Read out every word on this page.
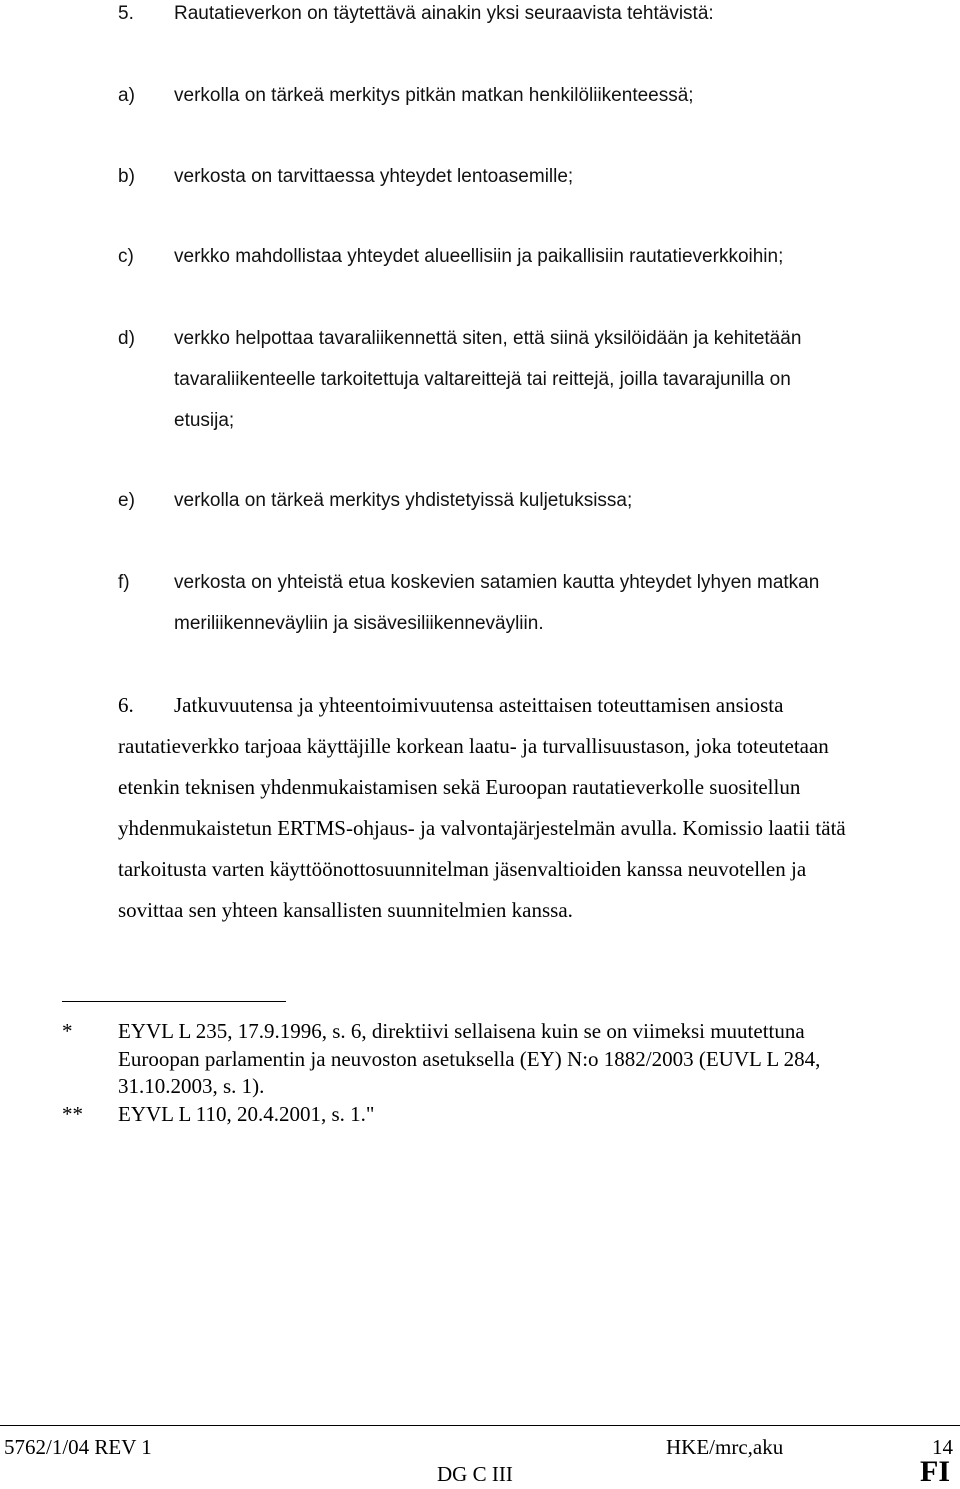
5. Rautatieverkon on täytettävä ainakin yksi seuraavista tehtävistä:
a) verkolla on tärkeä merkitys pitkän matkan henkilöliikenteessä;
b) verkosta on tarvittaessa yhteydet lentoasemille;
c) verkko mahdollistaa yhteydet alueellisiin ja paikallisiin rautatieverkkoihin;
d) verkko helpottaa tavaraliikennettä siten, että siinä yksilöidään ja kehitetään
tavaraliikenteelle tarkoitettuja valtareittejä tai reittejä, joilla tavarajunilla on
etusija;
e) verkolla on tärkeä merkitys yhdistetyissä kuljetuksissa;
f) verkosta on yhteistä etua koskevien satamien kautta yhteydet lyhyen matkan
meriliikenneväyliin ja sisävesiliikenneväyliin.
6. Jatkuvuutensa ja yhteentoimivuutensa asteittaisen toteuttamisen ansiosta
rautatieverkko tarjoaa käyttäjille korkean laatu- ja turvallisuustason, joka toteutetaan
etenkin teknisen yhdenmukaistamisen sekä Euroopan rautatieverkolle suositellun
yhdenmukaistetun ERTMS-ohjaus- ja valvontajärjestelmän avulla. Komissio laatii tätä
tarkoitusta varten käyttöönottosuunnitelman jäsenvaltioiden kanssa neuvotellen ja
sovittaa sen yhteen kansallisten suunnitelmien kanssa.
* EYVL L 235, 17.9.1996, s. 6, direktiivi sellaisena kuin se on viimeksi muutettuna
Euroopan parlamentin ja neuvoston asetuksella (EY) N:o 1882/2003 (EUVL L 284,
31.10.2003, s. 1).
** EYVL L 110, 20.4.2001, s. 1."
5762/1/04 REV 1	HKE/mrc,aku	14
DG C III	FI
